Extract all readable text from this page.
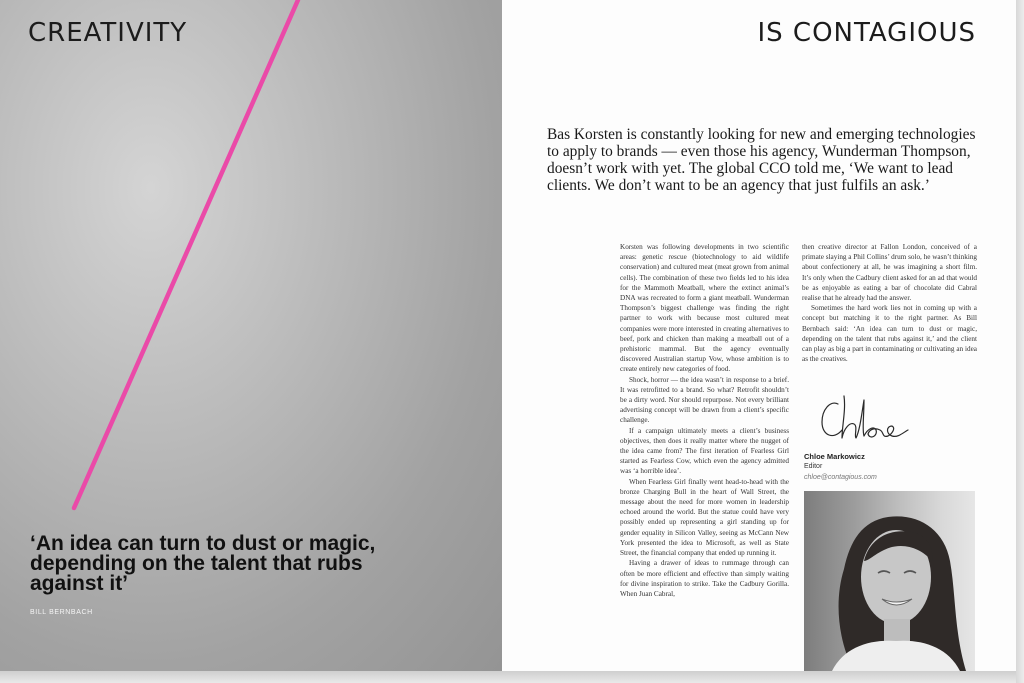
CREATIVITY

‘An idea can turn to dust or magic, depending on the talent that rubs against it’

BILL BERNBACH
IS CONTAGIOUS

Bas Korsten is constantly looking for new and emerging technologies to apply to brands — even those his agency, Wunderman Thompson, doesn’t work with yet. The global CCO told me, ‘We want to lead clients. We don’t want to be an agency that just fulfils an ask.’

Korsten was following developments in two scientific areas: genetic rescue (biotechnology to aid wildlife conservation) and cultured meat (meat grown from animal cells). The combination of these two fields led to his idea for the Mammoth Meatball, where the extinct animal’s DNA was recreated to form a giant meatball. Wunderman Thompson’s biggest challenge was finding the right partner to work with because most cultured meat companies were more interested in creating alternatives to beef, pork and chicken than making a meatball out of a prehistoric mammal. But the agency eventually discovered Australian startup Vow, whose ambition is to create entirely new categories of food.

Shock, horror — the idea wasn’t in response to a brief. It was retrofitted to a brand. So what? Retrofit shouldn’t be a dirty word. Nor should repurpose. Not every brilliant advertising concept will be drawn from a client’s specific challenge.

If a campaign ultimately meets a client’s business objectives, then does it really matter where the nugget of the idea came from? The first iteration of Fearless Girl started as Fearless Cow, which even the agency admitted was ‘a horrible idea’.

When Fearless Girl finally went head-to-head with the bronze Charging Bull in the heart of Wall Street, the message about the need for more women in leadership echoed around the world. But the statue could have very possibly ended up representing a girl standing up for gender equality in Silicon Valley, seeing as McCann New York presented the idea to Microsoft, as well as State Street, the financial company that ended up running it.

Having a drawer of ideas to rummage through can often be more efficient and effective than simply waiting for divine inspiration to strike. Take the Cadbury Gorilla. When Juan Cabral,

then creative director at Fallon London, conceived of a primate slaying a Phil Collins’ drum solo, he wasn’t thinking about confectionery at all, he was imagining a short film. It’s only when the Cadbury client asked for an ad that would be as enjoyable as eating a bar of chocolate did Cabral realise that he already had the answer.

Sometimes the hard work lies not in coming up with a concept but matching it to the right partner. As Bill Bernbach said: ‘An idea can turn to dust or magic, depending on the talent that rubs against it,’ and the client can play as big a part in contaminating or cultivating an idea as the creatives.

Chloe Markowicz
Editor
chloe@contagious.com
